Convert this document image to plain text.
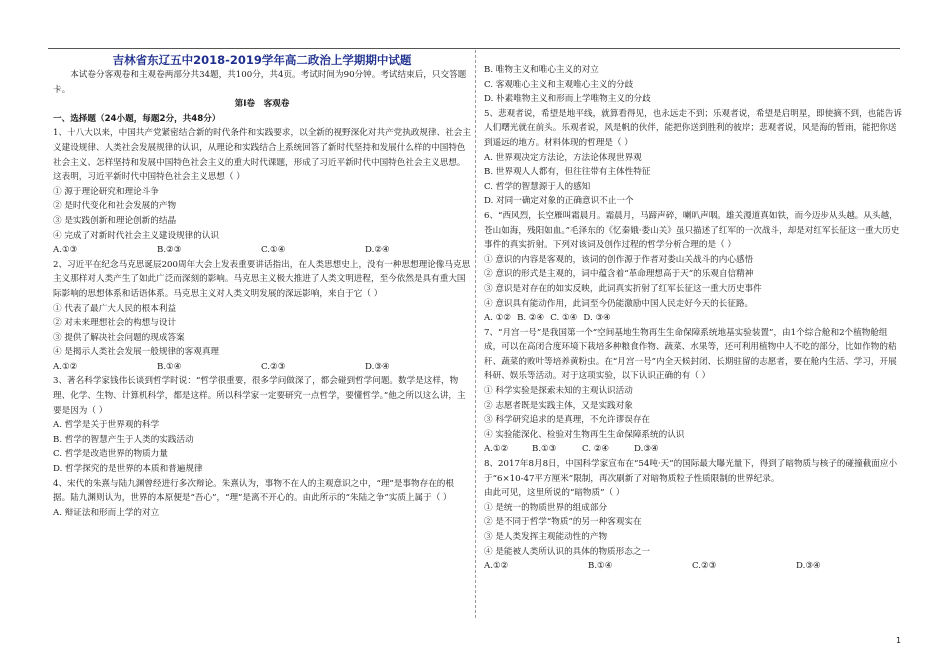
吉林省东辽五中2018-2019学年高二政治上学期期中试题

本试卷分客观卷和主观卷两部分共34题，共100分，共4页。考试时间为90分钟。考试结束后，只交答题卡。

第Ⅰ卷　客观卷

一、选择题（24小题，每题2分，共48分）

1、十八大以来，中国共产党紧密结合新的时代条件和实践要求，以全新的视野深化对共产党执政规律、社会主义建设规律、人类社会发展规律的认识，从理论和实践结合上系统回答了新时代坚持和发展什么样的中国特色社会主义、怎样坚持和发展中国特色社会主义的重大时代课题，形成了习近平新时代中国特色社会主义思想。这表明，习近平新时代中国特色社会主义思想（ ）

① 源于理论研究和理论斗争

② 是时代变化和社会发展的产物

③ 是实践创新和理论创新的结晶

④ 完成了对新时代社会主义建设规律的认识

A.①③	B.②③	C.①④	D.②④

2、习近平在纪念马克思诞辰200周年大会上发表重要讲话指出，在人类思想史上，没有一种思想理论像马克思主义那样对人类产生了如此广泛而深刻的影响。马克思主义极大推进了人类文明进程，至今依然是具有重大国际影响的思想体系和话语体系。马克思主义对人类文明发展的深远影响，来自于它（ ）

① 代表了最广大人民的根本利益

② 对未来理想社会的构想与设计

③ 提供了解决社会问题的现成答案

④ 是揭示人类社会发展一般规律的客观真理

A.①②	B.①④	C.②③	D.③④

3、著名科学家钱伟长谈到哲学时说：“哲学很重要，很多学问做深了，都会碰到哲学问题。数学是这样，物理、化学、生物、计算机科学，都是这样。所以科学家一定要研究一点哲学，要懂哲学。”他之所以这么讲，主要是因为（ ）

A. 哲学是关于世界观的科学

B. 哲学的智慧产生于人类的实践活动

C. 哲学是改造世界的物质力量

D. 哲学探究的是世界的本质和普遍规律

4、宋代的朱熹与陆九渊曾经进行多次辩论。朱熹认为，事物不在人的主观意识之中，“理”是事物存在的根据。陆九渊则认为，世界的本原便是“吾心”，“理”是离不开心的。由此所示的“朱陆之争”实质上属于（ ）

A. 辩证法和形而上学的对立

B. 唯物主义和唯心主义的对立

C. 客观唯心主义和主观唯心主义的分歧

D. 朴素唯物主义和形而上学唯物主义的分歧

5、悲观者说，希望是地平线，就算看得见，也永远走不到；乐观者说，希望是启明星，即使摘不到，也能告诉人们曙光就在前头。乐观者说，风是帆的伙伴，能把你送到胜利的彼岸；悲观者说，风是海的暂雨，能把你送到遥远的地方。材料体现的哲理是（ ）

A. 世界观决定方法论，方法论体现世界观

B. 世界观人人都有，但往往带有主体性特征

C. 哲学的智慧源于人的感知

D. 对同一确定对象的正确意识不止一个

6、“西风烈，长空雁叫霜晨月。霜晨月，马蹄声碎，喇叭声咽。雄关漫道真如铁，而今迈步从头越。从头越，苍山如海，残阳如血。”毛泽东的《忆秦娥·娄山关》虽只描述了红军的一次战斗，却是对红军长征这一重大历史事件的真实折射。下列对该词及创作过程的哲学分析合理的是（ ）

① 意识的内容是客观的，该词的创作源于作者对娄山关战斗的内心感悟

② 意识的形式是主观的，词中蕴含着“革命理想高于天”的乐观自信精神

③ 意识是对存在的如实反映，此词真实折射了红军长征这一重大历史事件

④ 意识具有能动作用，此词至今仍能激励中国人民走好今天的长征路。

A. ①② B. ②④ C. ①④ D. ③④

7、“月宫一号”是我国第一个“空间基地生物再生生命保障系统地基实验装置”，由1个综合舱和2个植物舱组成，可以在高闭合度环境下栽培多种粮食作物、蔬菜、水果等，还可利用植物中人不吃的部分，比如作物的秸秆、蔬菜的败叶等培养黄粉虫。在“月宫一号”内全天候封闭、长期驻留的志愿者，要在舱内生活、学习，开展科研、娱乐等活动。对于这项实验，以下认识正确的有（ ）

① 科学实验是探索未知的主观认识活动

② 志愿者既是实践主体，又是实践对象

③ 科学研究追求的是真理，不允许谬误存在

④ 实验能深化、检验对生物再生生命保障系统的认识

A.①②	B.①③	C. ②④	D.③④

8、2017年8月8日，中国科学家宣布在“54吨·天”的国际最大曝光量下，得到了暗物质与核子的碰撞截面应小于“6×10-47平方厘米”限制，再次刷新了对暗物质粒子性质限制的世界纪录。

由此可见，这里所说的“暗物质”（ ）

① 是统一的物质世界的组成部分

② 是不同于哲学“物质”的另一种客观实在

③ 是人类发挥主观能动性的产物

④ 是能被人类所认识的具体的物质形态之一

A.①②	B.①④	C.②③	D.③④

1
